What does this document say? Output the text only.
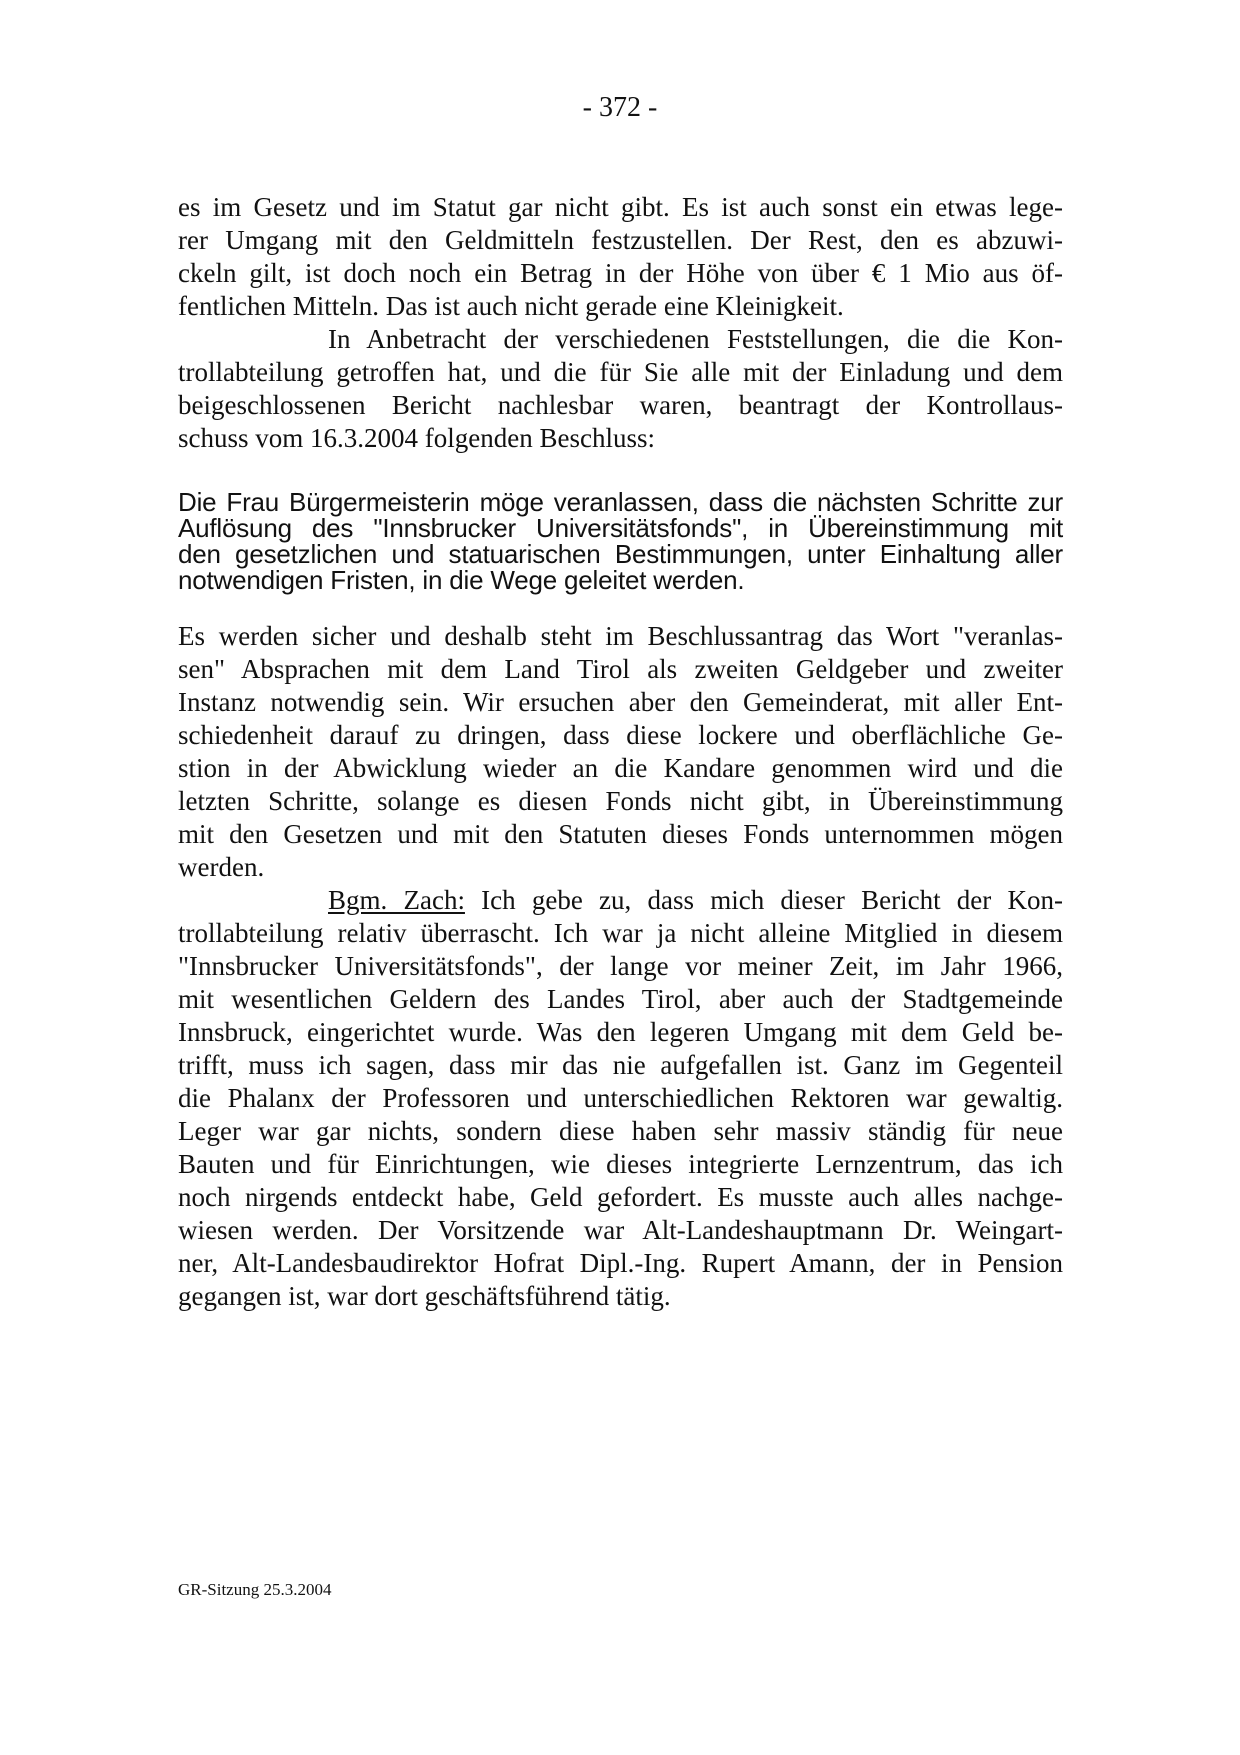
- 372 -
es im Gesetz und im Statut gar nicht gibt. Es ist auch sonst ein etwas lege-
rer Umgang mit den Geldmitteln festzustellen. Der Rest, den es abzuwi-
ckeln gilt, ist doch noch ein Betrag in der Höhe von über € 1 Mio aus öf-
fentlichen Mitteln. Das ist auch nicht gerade eine Kleinigkeit.
In Anbetracht der verschiedenen Feststellungen, die die Kon-
trollabteilung getroffen hat, und die für Sie alle mit der Einladung und dem
beigeschlossenen Bericht nachlesbar waren, beantragt der Kontrollaus-
schuss vom 16.3.2004 folgenden Beschluss:
Die Frau Bürgermeisterin möge veranlassen, dass die nächsten Schritte zur
Auflösung des "Innsbrucker Universitätsfonds", in Übereinstimmung mit
den gesetzlichen und statuarischen Bestimmungen, unter Einhaltung aller
notwendigen Fristen, in die Wege geleitet werden.
Es werden sicher und deshalb steht im Beschlussantrag das Wort "veranlas-
sen" Absprachen mit dem Land Tirol als zweiten Geldgeber und zweiter
Instanz notwendig sein. Wir ersuchen aber den Gemeinderat, mit aller Ent-
schiedenheit darauf zu dringen, dass diese lockere und oberflächliche Ge-
stion in der Abwicklung wieder an die Kandare genommen wird und die
letzten Schritte, solange es diesen Fonds nicht gibt, in Übereinstimmung
mit den Gesetzen und mit den Statuten dieses Fonds unternommen mögen
werden.
Bgm. Zach: Ich gebe zu, dass mich dieser Bericht der Kon-
trollabteilung relativ überrascht. Ich war ja nicht alleine Mitglied in diesem
"Innsbrucker Universitätsfonds", der lange vor meiner Zeit, im Jahr 1966,
mit wesentlichen Geldern des Landes Tirol, aber auch der Stadtgemeinde
Innsbruck, eingerichtet wurde. Was den legeren Umgang mit dem Geld be-
trifft, muss ich sagen, dass mir das nie aufgefallen ist. Ganz im Gegenteil
die Phalanx der Professoren und unterschiedlichen Rektoren war gewaltig.
Leger war gar nichts, sondern diese haben sehr massiv ständig für neue
Bauten und für Einrichtungen, wie dieses integrierte Lernzentrum, das ich
noch nirgends entdeckt habe, Geld gefordert. Es musste auch alles nachge-
wiesen werden. Der Vorsitzende war Alt-Landeshauptmann Dr. Weingart-
ner, Alt-Landesbaudirektor Hofrat Dipl.-Ing. Rupert Amann, der in Pension
gegangen ist, war dort geschäftsführend tätig.
GR-Sitzung 25.3.2004
